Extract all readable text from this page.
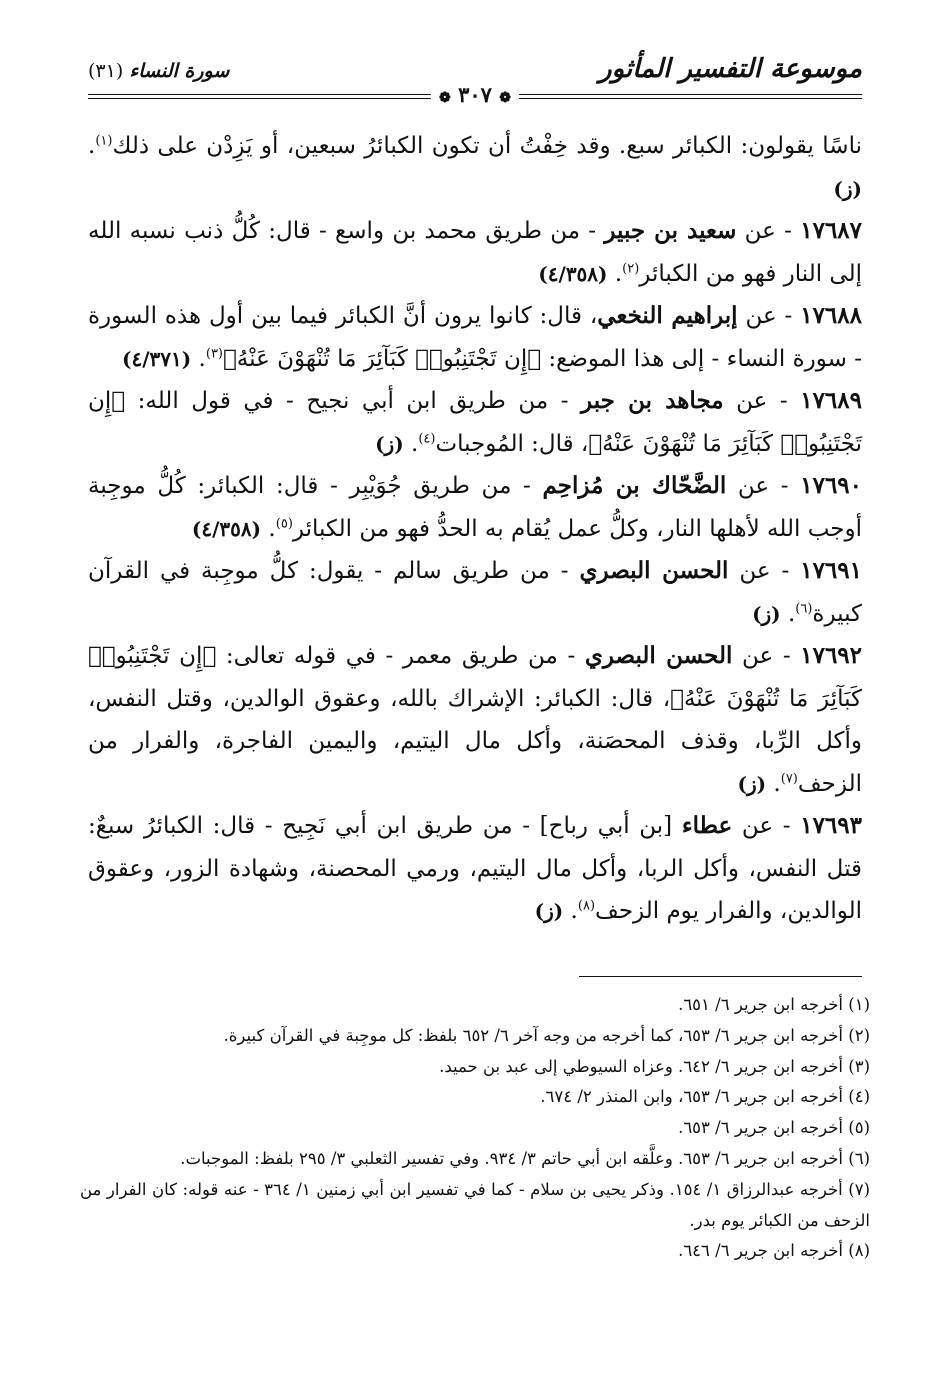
موسوعة التفسير المأثور
❁ ٣٠٧ ❁
سورة النساء (٣١)

ناسًا يقولون: الكبائر سبع. وقد خِفْتُ أن تكون الكبائرُ سبعين، أو يَزِدْن على ذلك$^{(١)}$. (ز)

١٧٦٨٧ - عن سعيد بن جبير - من طريق محمد بن واسع - قال: كُلُّ ذنب نسبه الله إلى النار فهو من الكبائر$^{(٢)}$. (٤/٣٥٨)

١٧٦٨٨ - عن إبراهيم النخعي، قال: كانوا يرون أنَّ الكبائر فيما بين أول هذه السورة - سورة النساء - إلى هذا الموضع: ﴿إِن تَجْتَنِبُوا۟ كَبَآئِرَ مَا تُنْهَوْنَ عَنْهُ﴾$^{(٣)}$. (٤/٣٧١)

١٧٦٨٩ - عن مجاهد بن جبر - من طريق ابن أبي نجيح - في قول الله: ﴿إِن تَجْتَنِبُوا۟ كَبَآئِرَ مَا تُنْهَوْنَ عَنْهُ﴾، قال: المُوجبات$^{(٤)}$. (ز)

١٧٦٩٠ - عن الضَّحّاك بن مُزاحِم - من طريق جُوَيْبِر - قال: الكبائر: كُلُّ موجِبة أوجب الله لأهلها النار، وكلُّ عمل يُقام به الحدُّ فهو من الكبائر$^{(٥)}$. (٤/٣٥٨)

١٧٦٩١ - عن الحسن البصري - من طريق سالم - يقول: كلُّ موجِبة في القرآن كبيرة$^{(٦)}$. (ز)

١٧٦٩٢ - عن الحسن البصري - من طريق معمر - في قوله تعالى: ﴿إِن تَجْتَنِبُوا۟ كَبَآئِرَ مَا تُنْهَوْنَ عَنْهُ﴾، قال: الكبائر: الإشراك بالله، وعقوق الوالدين، وقتل النفس، وأكل الرِّبا، وقذف المحصَنة، وأكل مال اليتيم، واليمين الفاجرة، والفرار من الزحف$^{(٧)}$. (ز)

١٧٦٩٣ - عن عطاء [بن أبي رباح] - من طريق ابن أبي نَجِيح - قال: الكبائرُ سبعٌ: قتل النفس، وأكل الربا، وأكل مال اليتيم، ورمي المحصنة، وشهادة الزور، وعقوق الوالدين، والفرار يوم الزحف$^{(٨)}$. (ز)

(١) أخرجه ابن جرير ٦/ ٦٥١.

(٢) أخرجه ابن جرير ٦/ ٦٥٣، كما أخرجه من وجه آخر ٦/ ٦٥٢ بلفظ: كل موجِبة في القرآن كبيرة.

(٣) أخرجه ابن جرير ٦/ ٦٤٢. وعزاه السيوطي إلى عبد بن حميد.

(٤) أخرجه ابن جرير ٦/ ٦٥٣، وابن المنذر ٢/ ٦٧٤.

(٥) أخرجه ابن جرير ٦/ ٦٥٣.

(٦) أخرجه ابن جرير ٦/ ٦٥٣. وعلَّقه ابن أبي حاتم ٣/ ٩٣٤. وفي تفسير الثعلبي ٣/ ٢٩٥ بلفظ: الموجبات.

(٧) أخرجه عبدالرزاق ١/ ١٥٤. وذكر يحيى بن سلام - كما في تفسير ابن أبي زمنين ١/ ٣٦٤ - عنه قوله: كان الفرار من الزحف من الكبائر يوم بدر.

(٨) أخرجه ابن جرير ٦/ ٦٤٦.
